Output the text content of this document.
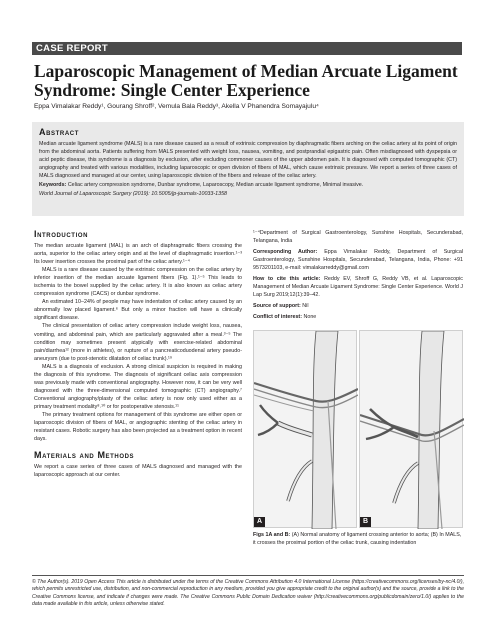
CASE REPORT
Laparoscopic Management of Median Arcuate Ligament Syndrome: Single Center Experience
Eppa Vimalakar Reddy¹, Gourang Shroff², Vemula Bala Reddy³, Akella V Phanendra Somayajulu⁴
Abstract

Median arcuate ligament syndrome (MALS) is a rare disease caused as a result of extrinsic compression by diaphragmatic fibers arching on the celiac artery at its point of origin from the abdominal aorta. Patients suffering from MALS presented with weight loss, nausea, vomiting, and postprandial epigastric pain. Often misdiagnosed with dyspepsia or acid peptic disease, this syndrome is a diagnosis by exclusion, after excluding commoner causes of the upper abdomen pain. It is diagnosed with computed tomographic (CT) angiography and treated with various modalities, including laparoscopic or open division of fibers of MAL, which cause extrinsic pressure. We report a series of three cases of MALS diagnosed and managed at our center, using laparoscopic division of the fibers and release of the celiac artery.

Keywords: Celiac artery compression syndrome, Dunbar syndrome, Laparoscopy, Median arcuate ligament syndrome, Minimal invasive.

World Journal of Laparoscopic Surgery (2019): 10.5005/jp-journals-10033-1358

Introduction

The median arcuate ligament (MAL) is an arch of diaphragmatic fibers crossing the aorta, superior to the celiac artery origin and at the level of diaphragmatic insertion.¹⁻³ Its lower insertion crosses the proximal part of the celiac artery.¹⁻⁴

MALS is a rare disease caused by the extrinsic compression on the celiac artery by inferior insertion of the median arcuate ligament fibers (Fig. 1).¹⁻⁵ This leads to ischemia to the bowel supplied by the celiac artery. It is also known as celiac artery compression syndrome (CACS) or dunbar syndrome.

An estimated 10–24% of people may have indentation of celiac artery caused by an abnormally low placed ligament.⁶ But only a minor fraction will have a clinically significant disease.

The clinical presentation of celiac artery compression include weight loss, nausea, vomiting, and abdominal pain, which are particularly aggravated after a meal.³⁻⁵ The condition may sometimes present atypically with exercise-related abdominal pain/diarrhea¹² (more in athletes), or rupture of a pancreaticoduodenal artery pseudo-aneurysm (due to post-stenotic dilatation of celiac trunk).¹⁹

MALS is a diagnosis of exclusion. A strong clinical suspicion is required in making the diagnosis of this syndrome. The diagnosis of significant celiac axis compression was previously made with conventional angiography. However now, it can be very well diagnosed with the three-dimensional computed tomographic (CT) angiography.⁷ Conventional angiography/plasty of the celiac artery is now only used either as a primary treatment modality⁸˒¹⁰ or for postoperative stenosis.¹¹

The primary treatment options for management of this syndrome are either open or laparoscopic division of fibers of MAL, or angiographic stenting of the celiac artery in resistant cases. Robotic surgery has also been projected as a treatment option in recent days.

Materials and Methods

We report a case series of three cases of MALS diagnosed and managed with the laparoscopic approach at our center.

¹⁻⁴Department of Surgical Gastroenterology, Sunshine Hospitals, Secunderabad, Telangana, India

Corresponding Author: Eppa Vimalakar Reddy, Department of Surgical Gastroenterology, Sunshine Hospitals, Secunderabad, Telangana, India, Phone: +91 9573201103, e-mail: vimalakarreddy@gmail.com

How to cite this article: Reddy EV, Shroff G, Reddy VB, et al. Laparoscopic Management of Median Arcuate Ligament Syndrome: Single Center Experience. World J Lap Surg 2019;12(1):39–42.

Source of support: Nil

Conflict of interest: None

A	B

Figs 1A and B: (A) Normal anatomy of ligament crossing anterior to aorta; (B) In MALS, it crosses the proximal portion of the celiac trunk, causing indentation

© The Author(s). 2019 Open Access This article is distributed under the terms of the Creative Commons Attribution 4.0 International License (https://creativecommons.org/licenses/by-nc/4.0/), which permits unrestricted use, distribution, and non-commercial reproduction in any medium, provided you give appropriate credit to the original author(s) and the source, provide a link to the Creative Commons license, and indicate if changes were made. The Creative Commons Public Domain Dedication waiver (http://creativecommons.org/publicdomain/zero/1.0/) applies to the data made available in this article, unless otherwise stated.
